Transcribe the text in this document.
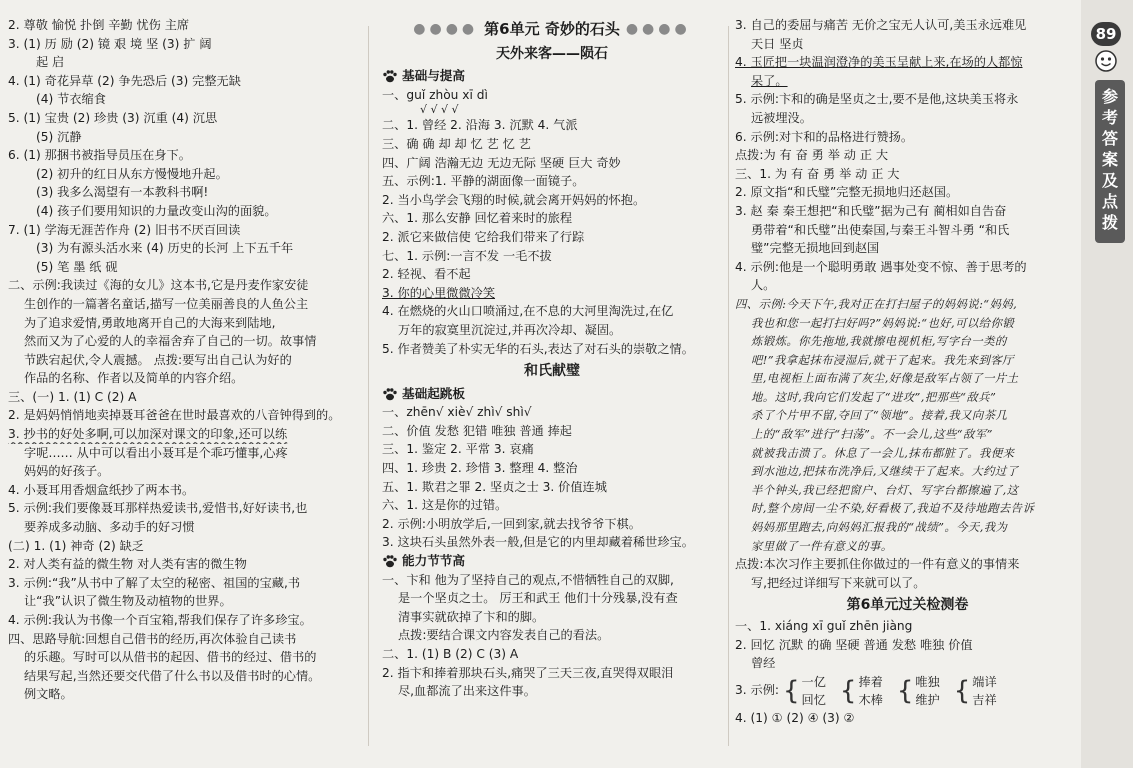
2. 尊敬 愉悦 扑倒 辛勤 忧伤 主席
3. (1) 历 励 (2) 镜 艰 境 坚 (3) 扩 阔
起 启
4. (1) 奇花异草 (2) 争先恐后 (3) 完整无缺
(4) 节衣缩食
5. (1) 宝贵 (2) 珍贵 (3) 沉重 (4) 沉思
(5) 沉静
6. (1) 那捆书被指导员压在身下。
(2) 初升的红日从东方慢慢地升起。
(3) 我多么渴望有一本教科书啊!
(4) 孩子们要用知识的力量改变山沟的面貌。
7. (1) 学海无涯苦作舟 (2) 旧书不厌百回读
(3) 为有源头活水来 (4) 历史的长河 上下五千年
(5) 笔 墨 纸 砚
二、示例:我读过《海的女儿》这本书,它是丹麦作家安徒
生创作的一篇著名童话,描写一位美丽善良的人鱼公主
为了追求爱情,勇敢地离开自己的大海来到陆地,
然而又为了心爱的人的幸福舍弃了自己的一切。故事情
节跌宕起伏,令人震撼。 点拨:要写出自己认为好的
作品的名称、作者以及简单的内容介绍。
三、(一) 1. (1) C (2) A
2. 是妈妈悄悄地卖掉聂耳爸爸在世时最喜欢的八音钟得到的。
3. 抄书的好处多啊,可以加深对课文的印象,还可以练
字呢…… 从中可以看出小聂耳是个乖巧懂事,心疼
妈妈的好孩子。
4. 小聂耳用香烟盒纸抄了两本书。
5. 示例:我们要像聂耳那样热爱读书,爱惜书,好好读书,也
要养成多动脑、多动手的好习惯
(二) 1. (1) 神奇 (2) 缺乏
2. 对人类有益的微生物 对人类有害的微生物
3. 示例:“我”从书中了解了太空的秘密、祖国的宝藏,书
让“我”认识了微生物及动植物的世界。
4. 示例:我认为书像一个百宝箱,帮我们保存了许多珍宝。
四、思路导航:回想自己借书的经历,再次体验自己读书
的乐趣。写时可以从借书的起因、借书的经过、借书的
结果写起,当然还要交代借了什么书以及借书时的心情。
例文略。
●●●● 第6单元 奇妙的石头 ●●●●
天外来客——陨石
基础与提高
一、guǐ zhòu xī dì
√ √ √ √
二、1. 曾经 2. 沿海 3. 沉默 4. 气派
三、确 确 却 却 忆 艺 忆 艺
四、广阔 浩瀚无边 无边无际 坚硬 巨大 奇妙
五、示例:1. 平静的湖面像一面镜子。
2. 当小鸟学会飞翔的时候,就会离开妈妈的怀抱。
六、1. 那么安静 回忆着来时的旅程
2. 派它来做信使 它给我们带来了行踪
七、1. 示例:一言不发 一毛不拔
2. 轻视、看不起
3. 你的心里微微冷笑
4. 在燃烧的火山口喷涌过,在不息的大河里淘洗过,在亿
万年的寂寞里沉淀过,并再次冷却、凝固。
5. 作者赞美了朴实无华的石头,表达了对石头的崇敬之情。
和氏献璧
基础起跳板
一、zhēn√ xiè√ zhì√ shì√
二、价值 发愁 犯错 唯独 普通 捧起
三、1. 鉴定 2. 平常 3. 哀痛
四、1. 珍贵 2. 珍惜 3. 整理 4. 整治
五、1. 欺君之罪 2. 坚贞之士 3. 价值连城
六、1. 这是你的过错。
2. 示例:小明放学后,一回到家,就去找爷爷下棋。
3. 这块石头虽然外表一般,但是它的内里却藏着稀世珍宝。
能力节节高
一、卞和 他为了坚持自己的观点,不惜牺牲自己的双脚,
是一个坚贞之士。 厉王和武王 他们十分残暴,没有查
清事实就砍掉了卞和的脚。
点拨:要结合课文内容发表自己的看法。
二、1. (1) B (2) C (3) A
2. 指卞和捧着那块石头,痛哭了三天三夜,直哭得双眼泪
尽,血都流了出来这件事。
3. 自己的委屈与痛苦 无价之宝无人认可,美玉永远难见
天日 坚贞
4. 玉匠把一块温润澄净的美玉呈献上来,在场的人都惊
呆了。
5. 示例:卞和的确是坚贞之士,要不是他,这块美玉将永
远被埋没。
6. 示例:对卞和的品格进行赞扬。
点拨:为 有 奋 勇 举 动 正 大
三、1. 为 有 奋 勇 举 动 正 大
2. 原文指“和氏璧”完整无损地归还赵国。
3. 赵 秦 秦王想把“和氏璧”据为己有 蔺相如自告奋
勇带着“和氏璧”出使秦国,与秦王斗智斗勇 “和氏
璧”完整无损地回到赵国
4. 示例:他是一个聪明勇敢 遇事处变不惊、善于思考的
人。
四、示例:今天下午,我对正在打扫屋子的妈妈说:“妈妈,
我也和您一起打扫好吗?”妈妈说:“也好,可以给你锻
炼锻炼。你先拖地,我就擦电视机柜,写字台一类的
吧!”我拿起抹布浸湿后,就干了起来。我先来到客厅
里,电视柜上面布满了灰尘,好像是敌军占领了一片土
地。这时,我向它们发起了“进攻”,把那些“敌兵”
杀了个片甲不留,夺回了“领地”。接着,我又向茶几
上的“敌军”进行“扫荡”。不一会儿,这些“敌军”
就被我击溃了。休息了一会儿,抹布都脏了。我便来
到水池边,把抹布洗净后,又继续干了起来。大约过了
半个钟头,我已经把窗户、台灯、写字台都擦遍了,这
时,整个房间一尘不染,好看极了,我迫不及待地跑去告诉
妈妈那里跑去,向妈妈汇报我的“战绩”。今天,我为
家里做了一件有意义的事。
点拨:本次习作主要抓住你做过的一件有意义的事情来
写,把经过详细写下来就可以了。
第6单元过关检测卷
一、1. xiáng xī guǐ zhēn jiàng
2. 回忆 沉默 的确 坚硬 普通 发愁 唯独 价值
曾经
3. 示例: { 一亿
回忆 { 捧着
木棒 { 唯独
维护 { 端详
吉祥
4. (1) ① (2) ④ (3) ②
89
参
考
答
案
及
点
拨
